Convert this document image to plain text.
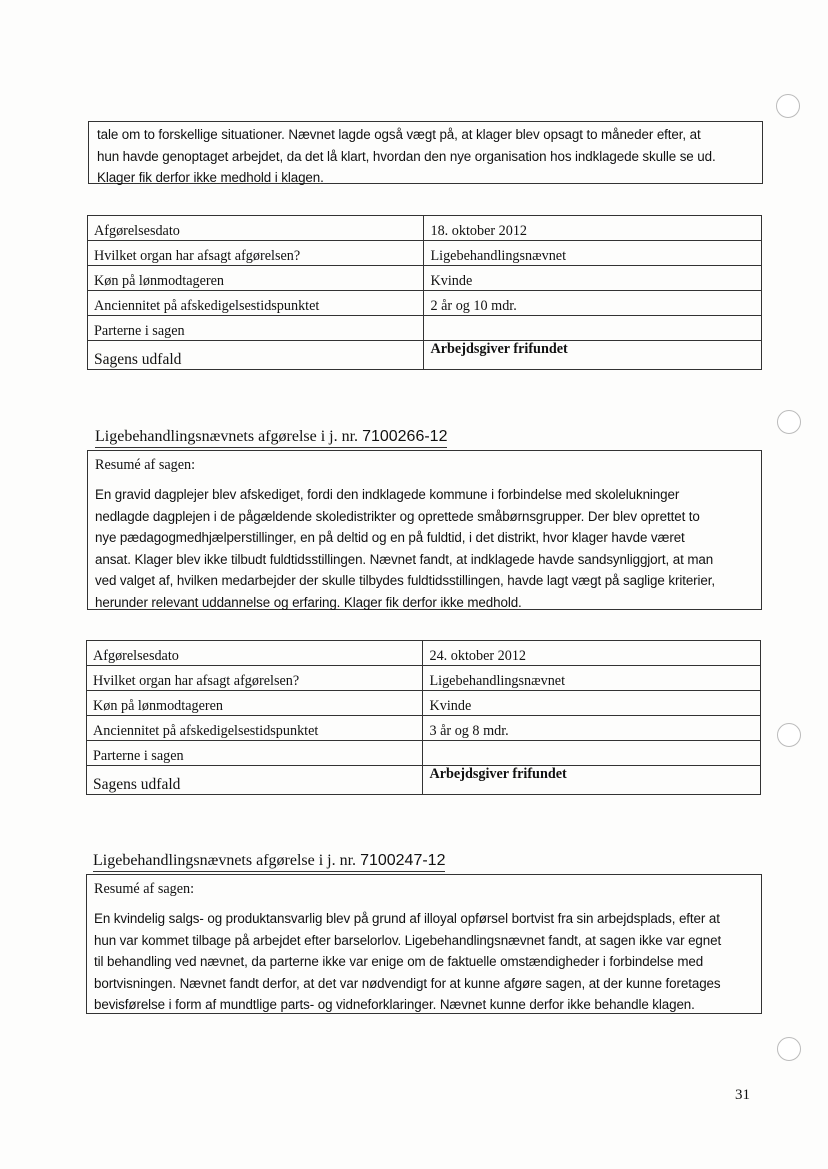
tale om to forskellige situationer. Nævnet lagde også vægt på, at klager blev opsagt to måneder efter, at

hun havde genoptaget arbejdet, da det lå klart, hvordan den nye organisation hos indklagede skulle se ud.

Klager fik derfor ikke medhold i klagen.

Afgørelsesdato	18. oktober 2012
Hvilket organ har afsagt afgørelsen?	Ligebehandlingsnævnet
Køn på lønmodtageren	Kvinde
Anciennitet på afskedigelsestidspunktet	2 år og 10 mdr.
Parterne i sagen	
Sagens udfald	Arbejdsgiver frifundet
Ligebehandlingsnævnets afgørelse i j. nr. 7100266-12

Resumé af sagen:

En gravid dagplejer blev afskediget, fordi den indklagede kommune i forbindelse med skolelukninger

nedlagde dagplejen i de pågældende skoledistrikter og oprettede småbørnsgrupper. Der blev oprettet to

nye pædagogmedhjælperstillinger, en på deltid og en på fuldtid, i det distrikt, hvor klager havde været

ansat. Klager blev ikke tilbudt fuldtidsstillingen. Nævnet fandt, at indklagede havde sandsynliggjort, at man

ved valget af, hvilken medarbejder der skulle tilbydes fuldtidsstillingen, havde lagt vægt på saglige kriterier,

herunder relevant uddannelse og erfaring. Klager fik derfor ikke medhold.

Afgørelsesdato	24. oktober 2012
Hvilket organ har afsagt afgørelsen?	Ligebehandlingsnævnet
Køn på lønmodtageren	Kvinde
Anciennitet på afskedigelsestidspunktet	3 år og 8 mdr.
Parterne i sagen	
Sagens udfald	Arbejdsgiver frifundet
Ligebehandlingsnævnets afgørelse i j. nr. 7100247-12

Resumé af sagen:

En kvindelig salgs- og produktansvarlig blev på grund af illoyal opførsel bortvist fra sin arbejdsplads, efter at

hun var kommet tilbage på arbejdet efter barselorlov. Ligebehandlingsnævnet fandt, at sagen ikke var egnet

til behandling ved nævnet, da parterne ikke var enige om de faktuelle omstændigheder i forbindelse med

bortvisningen. Nævnet fandt derfor, at det var nødvendigt for at kunne afgøre sagen, at der kunne foretages

bevisførelse i form af mundtlige parts- og vidneforklaringer. Nævnet kunne derfor ikke behandle klagen.

31
